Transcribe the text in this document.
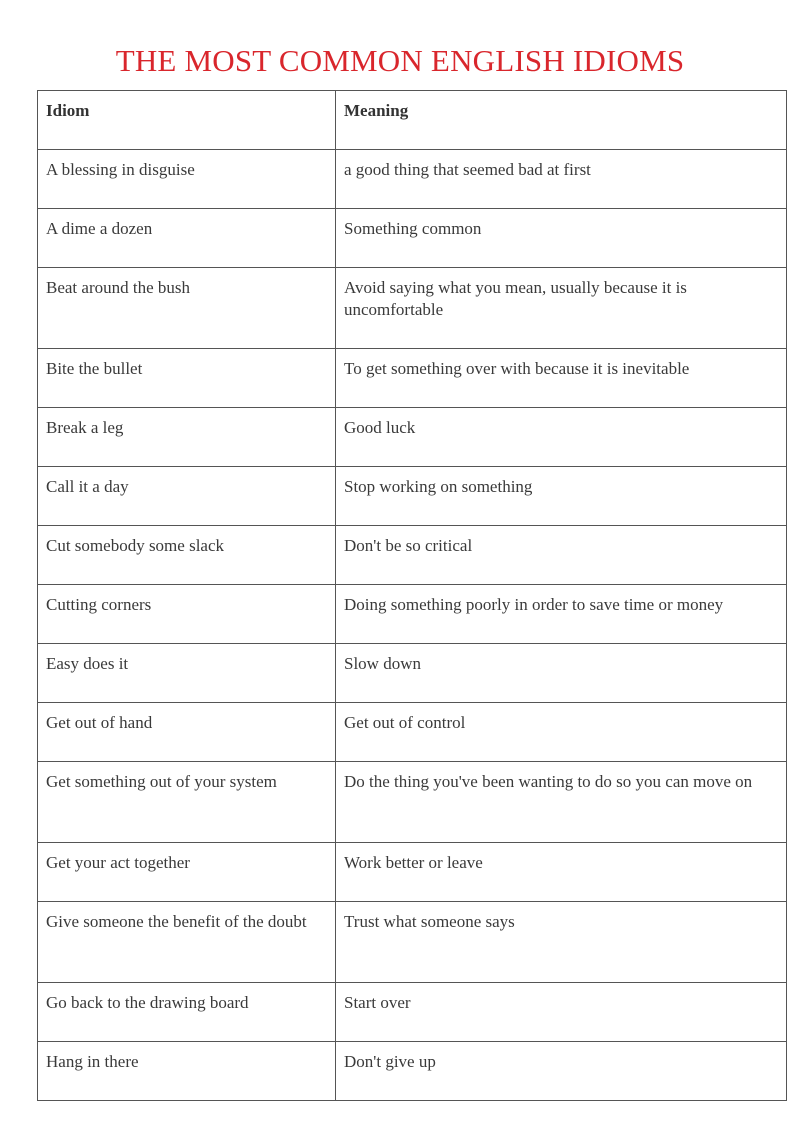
THE MOST COMMON ENGLISH IDIOMS
Idiom	Meaning
A blessing in disguise	a good thing that seemed bad at first
A dime a dozen	Something common
Beat around the bush	Avoid saying what you mean, usually because it is uncomfortable
Bite the bullet	To get something over with because it is inevitable
Break a leg	Good luck
Call it a day	Stop working on something
Cut somebody some slack	Don't be so critical
Cutting corners	Doing something poorly in order to save time or money
Easy does it	Slow down
Get out of hand	Get out of control
Get something out of your system	Do the thing you've been wanting to do so you can move on
Get your act together	Work better or leave
Give someone the benefit of the doubt	Trust what someone says
Go back to the drawing board	Start over
Hang in there	Don't give up
